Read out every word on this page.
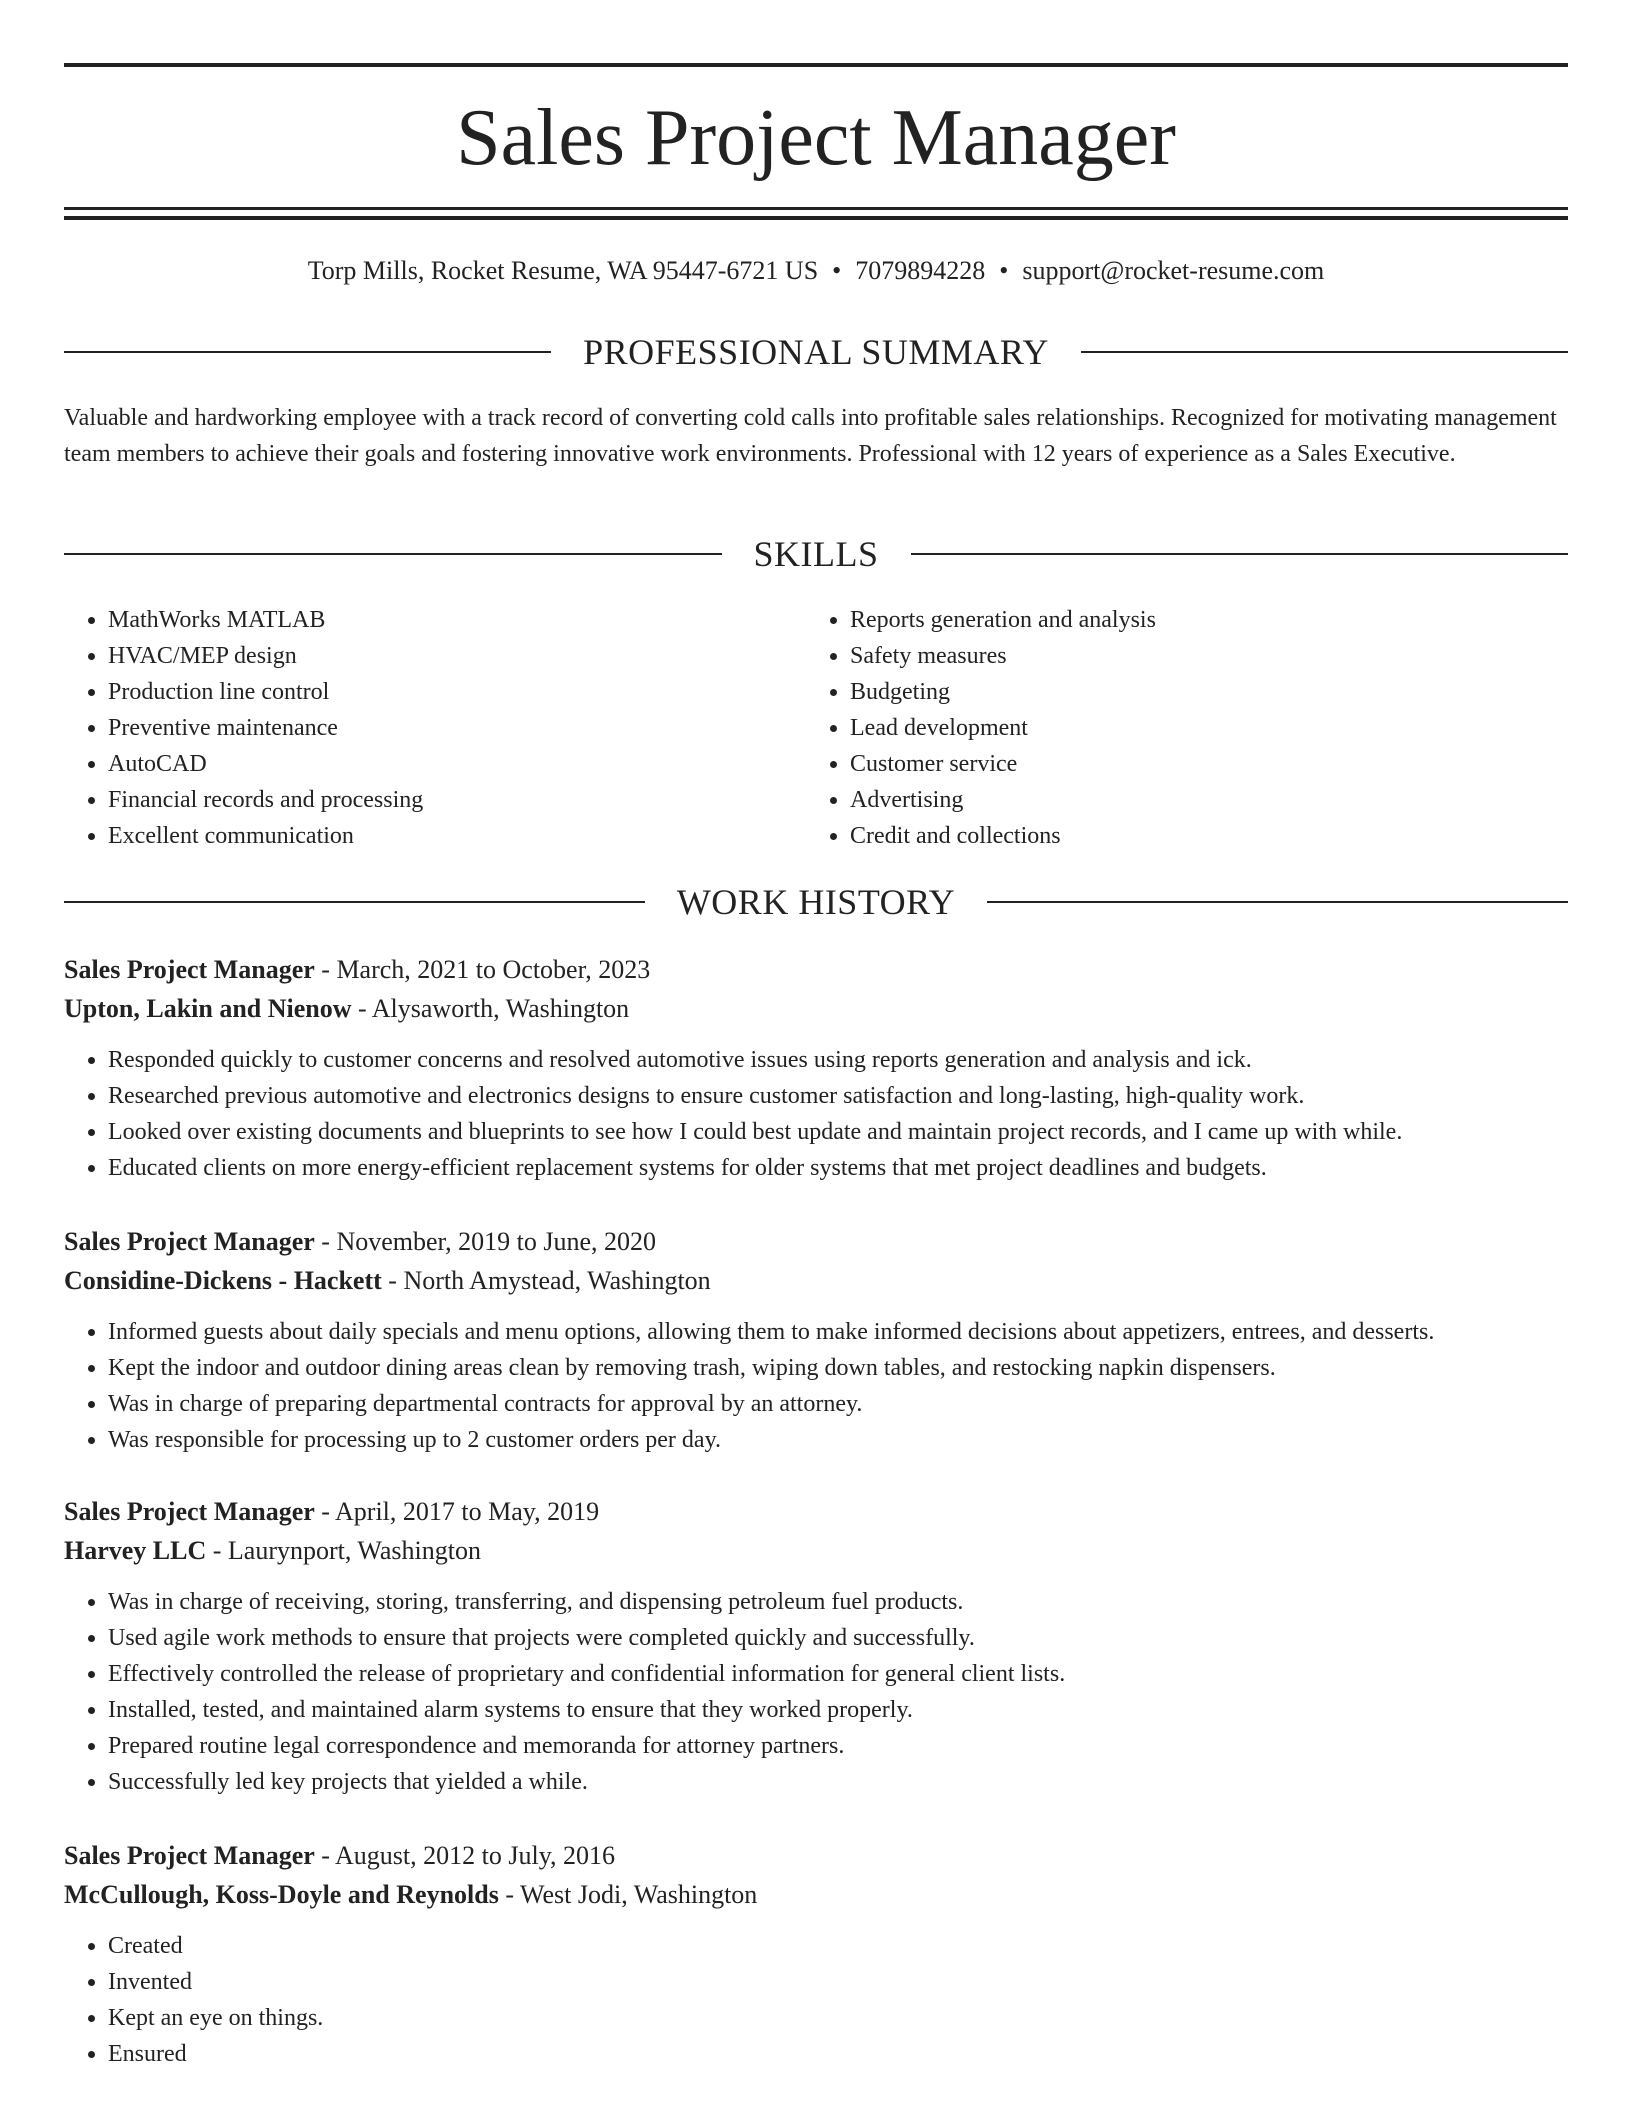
Sales Project Manager
Torp Mills, Rocket Resume, WA 95447-6721 US • 7079894228 • support@rocket-resume.com
PROFESSIONAL SUMMARY
Valuable and hardworking employee with a track record of converting cold calls into profitable sales relationships. Recognized for motivating management team members to achieve their goals and fostering innovative work environments. Professional with 12 years of experience as a Sales Executive.
SKILLS
• MathWorks MATLAB
• HVAC/MEP design
• Production line control
• Preventive maintenance
• AutoCAD
• Financial records and processing
• Excellent communication
• Reports generation and analysis
• Safety measures
• Budgeting
• Lead development
• Customer service
• Advertising
• Credit and collections
WORK HISTORY
Sales Project Manager - March, 2021 to October, 2023
Upton, Lakin and Nienow - Alysaworth, Washington
• Responded quickly to customer concerns and resolved automotive issues using reports generation and analysis and ick.
• Researched previous automotive and electronics designs to ensure customer satisfaction and long-lasting, high-quality work.
• Looked over existing documents and blueprints to see how I could best update and maintain project records, and I came up with while.
• Educated clients on more energy-efficient replacement systems for older systems that met project deadlines and budgets.
Sales Project Manager - November, 2019 to June, 2020
Considine-Dickens - Hackett - North Amystead, Washington
• Informed guests about daily specials and menu options, allowing them to make informed decisions about appetizers, entrees, and desserts.
• Kept the indoor and outdoor dining areas clean by removing trash, wiping down tables, and restocking napkin dispensers.
• Was in charge of preparing departmental contracts for approval by an attorney.
• Was responsible for processing up to 2 customer orders per day.
Sales Project Manager - April, 2017 to May, 2019
Harvey LLC - Laurynport, Washington
• Was in charge of receiving, storing, transferring, and dispensing petroleum fuel products.
• Used agile work methods to ensure that projects were completed quickly and successfully.
• Effectively controlled the release of proprietary and confidential information for general client lists.
• Installed, tested, and maintained alarm systems to ensure that they worked properly.
• Prepared routine legal correspondence and memoranda for attorney partners.
• Successfully led key projects that yielded a while.
Sales Project Manager - August, 2012 to July, 2016
McCullough, Koss-Doyle and Reynolds - West Jodi, Washington
• Created
• Invented
• Kept an eye on things.
• Ensured
